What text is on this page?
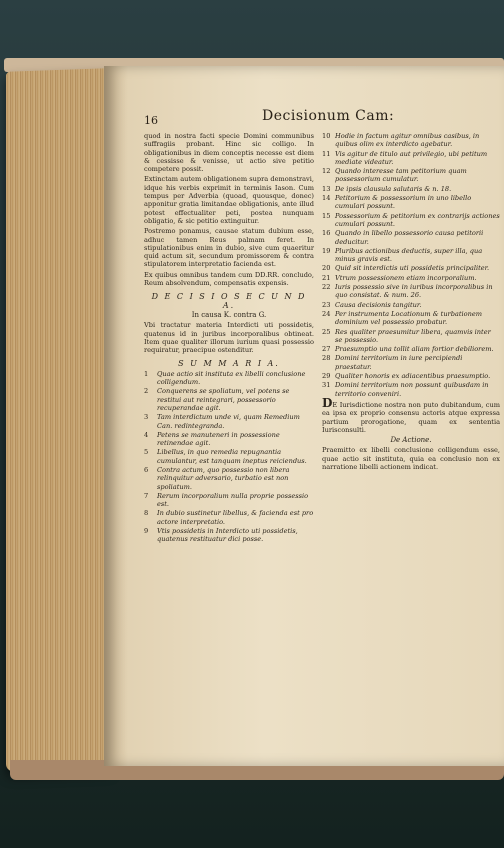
16	Decisionum Cam:

quod in nostra facti specie Domini communibus suffragiis probant. Hinc sic colligo. In obligationibus in diem conceptis necesse est diem & cessisse & venisse, ut actio sive petitio competere possit.

Extinctam autem obligationem supra demonstravi, idque his verbis exprimit in terminis Iason. Cum tempus per Adverbia (quoad, quousque, donec) apponitur gratia limitandae obligationis, ante illud potest effectualiter peti, postea nunquam obligatio, & sic petitio extinguitur.

Postremo ponamus, causae statum dubium esse, adhuc tamen Reus palmam feret. In stipulationibus enim in dubio, sive cum quaeritur quid actum sit, secundum promissorem & contra stipulatorem interpretatio facienda est.

Ex quibus omnibus tandem cum DD.RR. concludo, Reum absolvendum, compensatis expensis.

D E C I S I O S E C U N D A.
In causa K. contra G.

Vbi tractatur materia Interdicti uti possidetis, quatenus id in juribus incorporalibus obtineat. Item quae qualiter illorum iurium quasi possessio requiratur, praecipue ostenditur.

S U M M A R I A.
1	Quae actio sit instituta ex libelli conclusione colligendum.
2	Conquerens se spoliatum, vel potens se restitui aut reintegrari, possessorio recuperandae agit.
3	Tam interdictum unde vi, quam Remedium Can. redintegranda.
4	Petens se manuteneri in possessione retinendae agit.
5	Libellus, in quo remedia repugnantia cumulantur, est tanquam ineptus reiciendus.
6	Contra actum, quo possessio non libera relinquitur adversario, turbatio est non spoliatum.
7	Rerum incorporalium nulla proprie possessio est.
8	In dubio sustinetur libellus, & facienda est pro actore interpretatio.
9	Vtis possidetis in Interdicto uti possidetis, quatenus restituatur dici posse.
10 Hodie in factum agitur omnibus casibus, in quibus olim ex interdicto agebatur.
11 Vis agitur de titulo aut privilegio, ubi petitum mediate videatur.
12 Quando interesse tam petitorium quam possessorium cumulatur.
13 De ipsis clausula salutaris & n. 18.
14 Petitorium & possessorium in uno libello cumulari possunt.
15 Possessorium & petitorium ex contrarijs actiones cumulari possunt.
16 Quando in libello possessorio causa petitorii deducitur.
19 Pluribus actionibus deductis, super illa, qua minus gravis est.
20 Quid sit interdictis uti possidetis principaliter.
21 Vtrum possessionem etiam incorporalium.
22 Iuris possessio sive in iuribus incorporalibus in quo consistat. & num. 26.
23 Causa decisionis tangitur.
24 Per instrumenta Locationum & turbationem dominium vel possessio probatur.
25 Res qualiter praesumitur libera, quamvis inter se possessio.
27 Praesumptio una tollit aliam fortior debiliorem.
28 Domini territorium in iure percipiendi praestatur.
29 Qualiter honoris ex adiacentibus praesumptio.
31 Domini territorium non possunt quibusdam in territorio conveniri.

DE Iurisdictione nostra non puto dubitandum, cum ea ipsa ex proprio consensu actoris atque expressa partium prorogatione, quam ex sententia Iurisconsulti.

De Actione.

Praemitto ex libelli conclusione colligendum esse, quae actio sit instituta, quia ea conclusio non ex narratione libelli actionem indicat.
